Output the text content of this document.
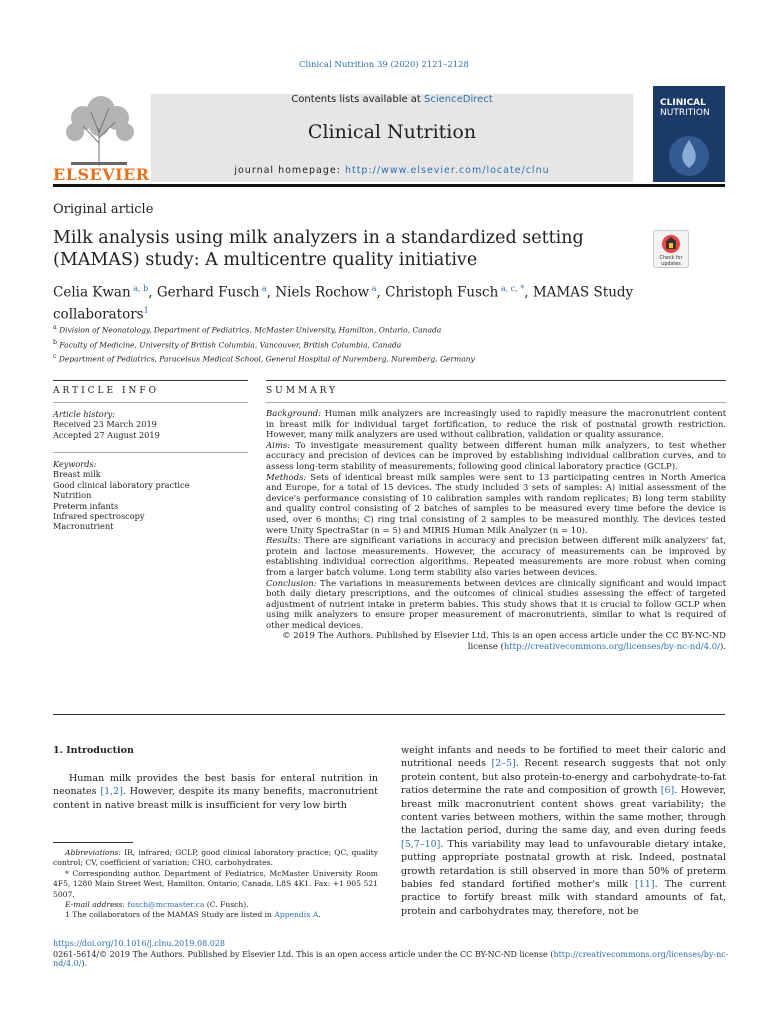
Clinical Nutrition 39 (2020) 2121–2128
ELSEVIER
Contents lists available at ScienceDirect
Clinical Nutrition
journal homepage: http://www.elsevier.com/locate/clnu
CLINICAL
NUTRITION
Original article
Milk analysis using milk analyzers in a standardized setting (MAMAS) study: A multicentre quality initiative	Check for updates
Celia Kwan $^{a, b}$, Gerhard Fusch $^a$, Niels Rochow $^a$, Christoph Fusch $^{a, c, *}$, MAMAS Study collaborators$^1$
$^a$ Division of Neonatology, Department of Pediatrics, McMaster University, Hamilton, Ontario, Canada
$^b$ Faculty of Medicine, University of British Columbia, Vancouver, British Columbia, Canada
$^c$ Department of Pediatrics, Paracelsus Medical School, General Hospital of Nuremberg, Nuremberg, Germany
ARTICLE INFO
Article history:
Received 23 March 2019
Accepted 27 August 2019
Keywords:
Breast milk
Good clinical laboratory practice
Nutrition
Preterm infants
Infrared spectroscopy
Macronutrient
SUMMARY

Background: Human milk analyzers are increasingly used to rapidly measure the macronutrient content in breast milk for individual target fortification, to reduce the risk of postnatal growth restriction. However, many milk analyzers are used without calibration, validation or quality assurance.

Aims: To investigate measurement quality between different human milk analyzers, to test whether accuracy and precision of devices can be improved by establishing individual calibration curves, and to assess long-term stability of measurements, following good clinical laboratory practice (GCLP).

Methods: Sets of identical breast milk samples were sent to 13 participating centres in North America and Europe, for a total of 15 devices. The study included 3 sets of samples: A) initial assessment of the device's performance consisting of 10 calibration samples with random replicates; B) long term stability and quality control consisting of 2 batches of samples to be measured every time before the device is used, over 6 months; C) ring trial consisting of 2 samples to be measured monthly. The devices tested were Unity SpectraStar (n = 5) and MIRIS Human Milk Analyzer (n = 10).

Results: There are significant variations in accuracy and precision between different milk analyzers' fat, protein and lactose measurements. However, the accuracy of measurements can be improved by establishing individual correction algorithms. Repeated measurements are more robust when coming from a larger batch volume. Long term stability also varies between devices.

Conclusion: The variations in measurements between devices are clinically significant and would impact both daily dietary prescriptions, and the outcomes of clinical studies assessing the effect of targeted adjustment of nutrient intake in preterm babies. This study shows that it is crucial to follow GCLP when using milk analyzers to ensure proper measurement of macronutrients, similar to what is required of other medical devices.

© 2019 The Authors. Published by Elsevier Ltd. This is an open access article under the CC BY-NC-ND
license (http://creativecommons.org/licenses/by-nc-nd/4.0/).
1. Introduction
Human milk provides the best basis for enteral nutrition in neonates [1,2]. However, despite its many benefits, macronutrient content in native breast milk is insufficient for very low birth
weight infants and needs to be fortified to meet their caloric and nutritional needs [2–5]. Recent research suggests that not only protein content, but also protein-to-energy and carbohydrate-to-fat ratios determine the rate and composition of growth [6]. However, breast milk macronutrient content shows great variability; the content varies between mothers, within the same mother, through the lactation period, during the same day, and even during feeds [5,7–10]. This variability may lead to unfavourable dietary intake, putting appropriate postnatal growth at risk. Indeed, postnatal growth retardation is still observed in more than 50% of preterm babies fed standard fortified mother's milk [11]. The current practice to fortify breast milk with standard amounts of fat, protein and carbohydrates may, therefore, not be

Abbreviations: IR, infrared; GCLP, good clinical laboratory practice; QC, quality control; CV, coefficient of variation; CHO, carbohydrates.

* Corresponding author. Department of Pediatrics, McMaster University Room 4F5, 1280 Main Street West, Hamilton, Ontario, Canada, L8S 4K1. Fax: +1 905 521 5007.

E-mail address: fusch@mcmaster.ca (C. Fusch).

1 The collaborators of the MAMAS Study are listed in Appendix A.

https://doi.org/10.1016/j.clnu.2019.08.028
0261-5614/© 2019 The Authors. Published by Elsevier Ltd. This is an open access article under the CC BY-NC-ND license (http://creativecommons.org/licenses/by-nc-nd/4.0/).
